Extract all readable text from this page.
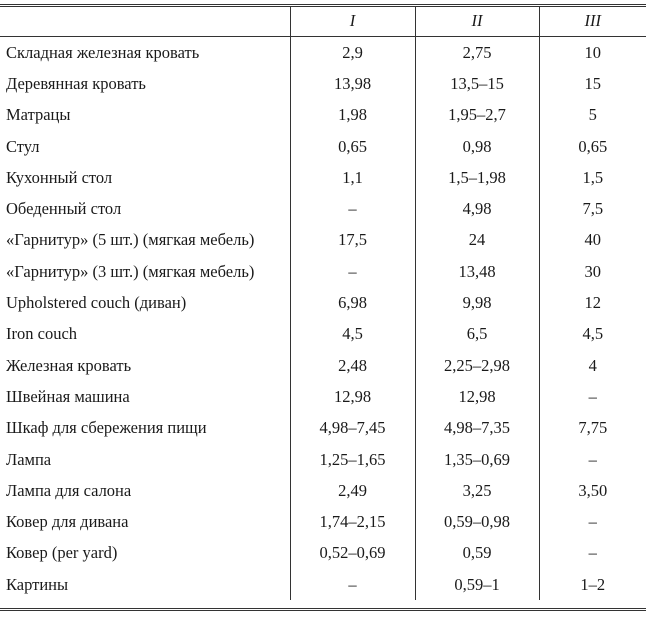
	I	II	III
Складная железная кровать	2,9	2,75	10
Деревянная кровать	13,98	13,5–15	15
Матрацы	1,98	1,95–2,7	5
Стул	0,65	0,98	0,65
Кухонный стол	1,1	1,5–1,98	1,5
Обеденный стол	–	4,98	7,5
«Гарнитур» (5 шт.) (мягкая мебель)	17,5	24	40
«Гарнитур» (3 шт.) (мягкая мебель)	–	13,48	30
Upholstered couch (диван)	6,98	9,98	12
Iron couch	4,5	6,5	4,5
Железная кровать	2,48	2,25–2,98	4
Швейная машина	12,98	12,98	–
Шкаф для сбережения пищи	4,98–7,45	4,98–7,35	7,75
Лампа	1,25–1,65	1,35–0,69	–
Лампа для салона	2,49	3,25	3,50
Ковер для дивана	1,74–2,15	0,59–0,98	–
Ковер (per yard)	0,52–0,69	0,59	–
Картины	–	0,59–1	1–2
